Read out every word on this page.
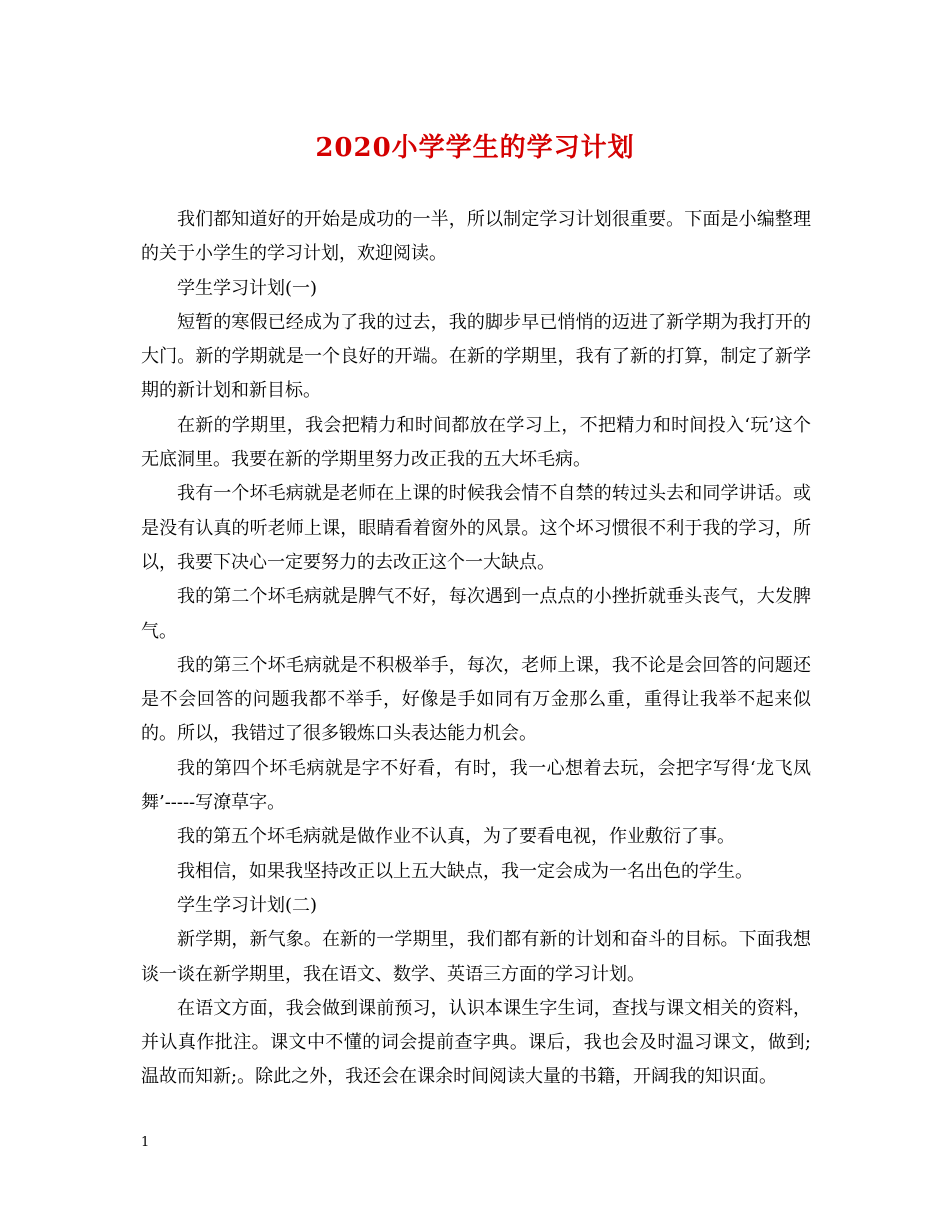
2020小学学生的学习计划

我们都知道好的开始是成功的一半，所以制定学习计划很重要。下面是小编整理的关于小学生的学习计划，欢迎阅读。

学生学习计划(一)

短暂的寒假已经成为了我的过去，我的脚步早已悄悄的迈进了新学期为我打开的大门。新的学期就是一个良好的开端。在新的学期里，我有了新的打算，制定了新学期的新计划和新目标。

在新的学期里，我会把精力和时间都放在学习上，不把精力和时间投入‘玩’这个无底洞里。我要在新的学期里努力改正我的五大坏毛病。

我有一个坏毛病就是老师在上课的时候我会情不自禁的转过头去和同学讲话。或是没有认真的听老师上课，眼睛看着窗外的风景。这个坏习惯很不利于我的学习，所以，我要下决心一定要努力的去改正这个一大缺点。

我的第二个坏毛病就是脾气不好，每次遇到一点点的小挫折就垂头丧气，大发脾气。

我的第三个坏毛病就是不积极举手，每次，老师上课，我不论是会回答的问题还是不会回答的问题我都不举手，好像是手如同有万金那么重，重得让我举不起来似的。所以，我错过了很多锻炼口头表达能力机会。

我的第四个坏毛病就是字不好看，有时，我一心想着去玩，会把字写得‘龙飞凤舞’-----写潦草字。

我的第五个坏毛病就是做作业不认真，为了要看电视，作业敷衍了事。

我相信，如果我坚持改正以上五大缺点，我一定会成为一名出色的学生。

学生学习计划(二)

新学期，新气象。在新的一学期里，我们都有新的计划和奋斗的目标。下面我想谈一谈在新学期里，我在语文、数学、英语三方面的学习计划。

在语文方面，我会做到课前预习，认识本课生字生词，查找与课文相关的资料，并认真作批注。课文中不懂的词会提前查字典。课后，我也会及时温习课文，做到;温故而知新;。除此之外，我还会在课余时间阅读大量的书籍，开阔我的知识面。

1
